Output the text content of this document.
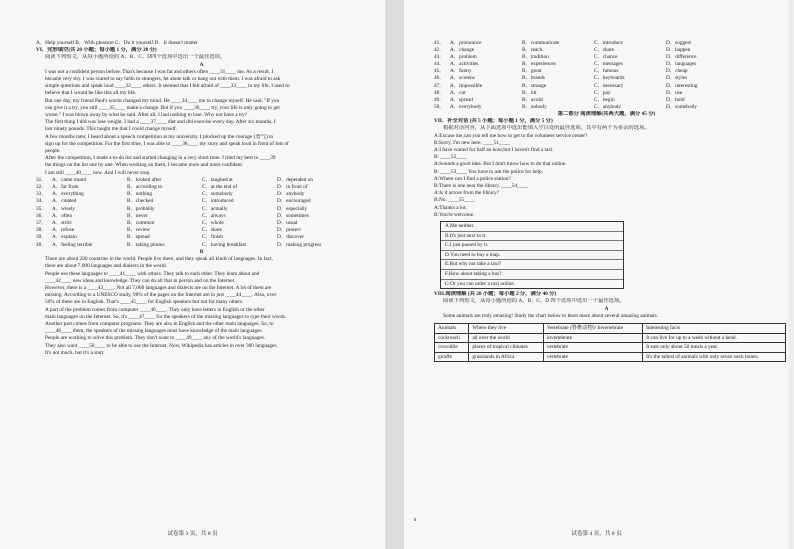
A．Help yourself B．With pleasure C．Do it yourself D．It doesn't matter
VI．完形填空(共 20 小题；每小题 1 分，满分 20 分)
阅读下列短文，从每小题所给的 A、B、C、D四个选项中选出一个最佳选项。
A
I was not a confident person before. That's because I was fat and others often ____31____ me. As a result, I
became very shy. I was scared to say hello to strangers, let alone talk or hang out with them. I was afraid to ask
simple questions and speak loud ____32____ others. It seemed that I felt afraid of ____33____ in my life. I used to
believe that I would be like this all my life.
But one day, my friend Paul's words changed my mind. He ____34____ me to change myself. He said, "If you
can give it a try, you still ____35____ make a change. But if you ____36____ try, your life is only going to get
worse." I was blown away by what he said. After all, I had nothing to lose. Why not have a try?
The first thing I did was lose weight. I had a ____37____ diet and did exercise every day. After six months, I
lost ninety pounds. This taught me that I could change myself.
A few months later, I heard about a speech competition at my university. I plucked up the courage (勇气) to
sign up for the competition. For the first time, I was able to ____38____ my story and speak loud in front of lots of
people.
After the competition, I made a to-do list and started changing in a very short time. I tried my best to ____39
the things on the list one by one. When working on them, I became more and more confident.
I am still ____40____ now. And I will never stop.
31．	A．came round	B．looked after	C．laughed at	D．depended on
32．	A．far from	B．according to	C．at the end of	D．in front of
33．	A．everything	B．nothing	C．somebody	D．anybody
34．	A．created	B．checked	C．introduced	D．encouraged
35．	A．wisely	B．probably	C．actually	D．especially
36．	A．often	B．never	C．always	D．sometimes
37．	A．strict	B．common	C．whole	D．usual
38．	A．refuse	B．review	C．share	D．protect
39．	A．explain	B．spread	C．finish	D．discover
40．	A．feeling terrible	B．taking photos	C．having breakfast	D．making progress
B
There are about 200 countries in the world. People live there, and they speak all kinds of languages. In fact,
there are about 7,000 languages and dialects in the world.
People use these languages to ____41____ with others. They talk to each other. They learn about and
____42____ new ideas and knowledge. They can do all that in person and on the Internet.
However, there is a ____43____. Not all 7,000 languages and dialects are on the Internet. A lot of them are
missing. According to a UNESCO study, 98% of the pages on the Internet are in just ____44____. Also, over
50% of these are in English. That's ____45____ for English speakers but not for many others.
A part of the problem comes from computer ____46____. They only have letters in English or the other
main languages on the Internet. So, it's ____47____ for the speakers of the missing languages to type their words.
Another part comes from computer programs. They are also in English and the other main languages. So, to
____48____ them, the speakers of the missing languages must have knowledge of the main languages.
People are working to solve this problem. They don't want to ____49____ any of the world's languages.
They also want ____50____ to be able to use the Internet. Now, Wikipedia has articles in over 300 languages.
It's not much, but it's a start.
试卷第 3 页，共 8 页
41．	A．pronounce	B．communicate	C．introduce	D．suggest
42．	A．change	B．reach	C．share	D．happen
43．	A．problem	B．tradition	C．chance	D．difference
44．	A．activities	B．experiences	C．messages	D．languages
45．	A．funny	B．great	C．famous	D．cheap
46．	A．screens	B．brands	C．keyboards	D．styles
47．	A．impossible	B．strange	C．necessary	D．interesting
48．	A．cut	B．hit	C．pay	D．use
49．	A．spread	B．avoid	C．begin	D．hold
50．	A．everybody	B．nobody	C．anybody	D．somebody
第二部分 阅读理解(共两大题，满分 45 分)
VII．补全对话 (共 5 小题；每小题 1 分，满分 5 分)
根据对话内容，从下面选项中选出能填入空白处的最佳选项，其中有两个为多余的选项。
A:Excuse me,can you tell me how to get to the volunteer service center?
B:Sorry, I'm new here. ____51____
A:I have waited for half an hour,but I haven't find a taxi.
B: ____52____
A:Sounds a good idea. But I don't know how to do that online.
B: ____53____ You have to ask the police for help.
A:Where can I find a police station?
B:There is one near the library. ____54____
A:Is it across from the library?
B:No. ____55____
A:Thanks a lot.
B:You're welcome.
A.Me neither.
B.It's just next to it.
C.I just passed by it.
D.You need to buy a map.
E.But why not take a taxi?
F.How about taking a bus?
G.Or you can order a taxi online.
VIII.阅读理解 (共 20 小题；每小题 2 分，满分 40 分)
阅读下列短文，从每小题所给的 A、B、C、D 四个选项中选出一个最佳选项。
A
Some animals are truly amazing! Study the chart below to learn more about several amazing animals.
Animals	Where they live	Vertebrate (脊椎动物)/ Invertebrate	Interesting facts
cockroach	all over the world	invertebrate	It can live for up to a week without a head.
crocodile	places of tropical climates	vertebrate	It eats only about 50 meals a year.
giraffe	grasslands in Africa	vertebrate	It's the tallest of animals with only seven neck bones.
s
试卷第 4 页，共 8 页
